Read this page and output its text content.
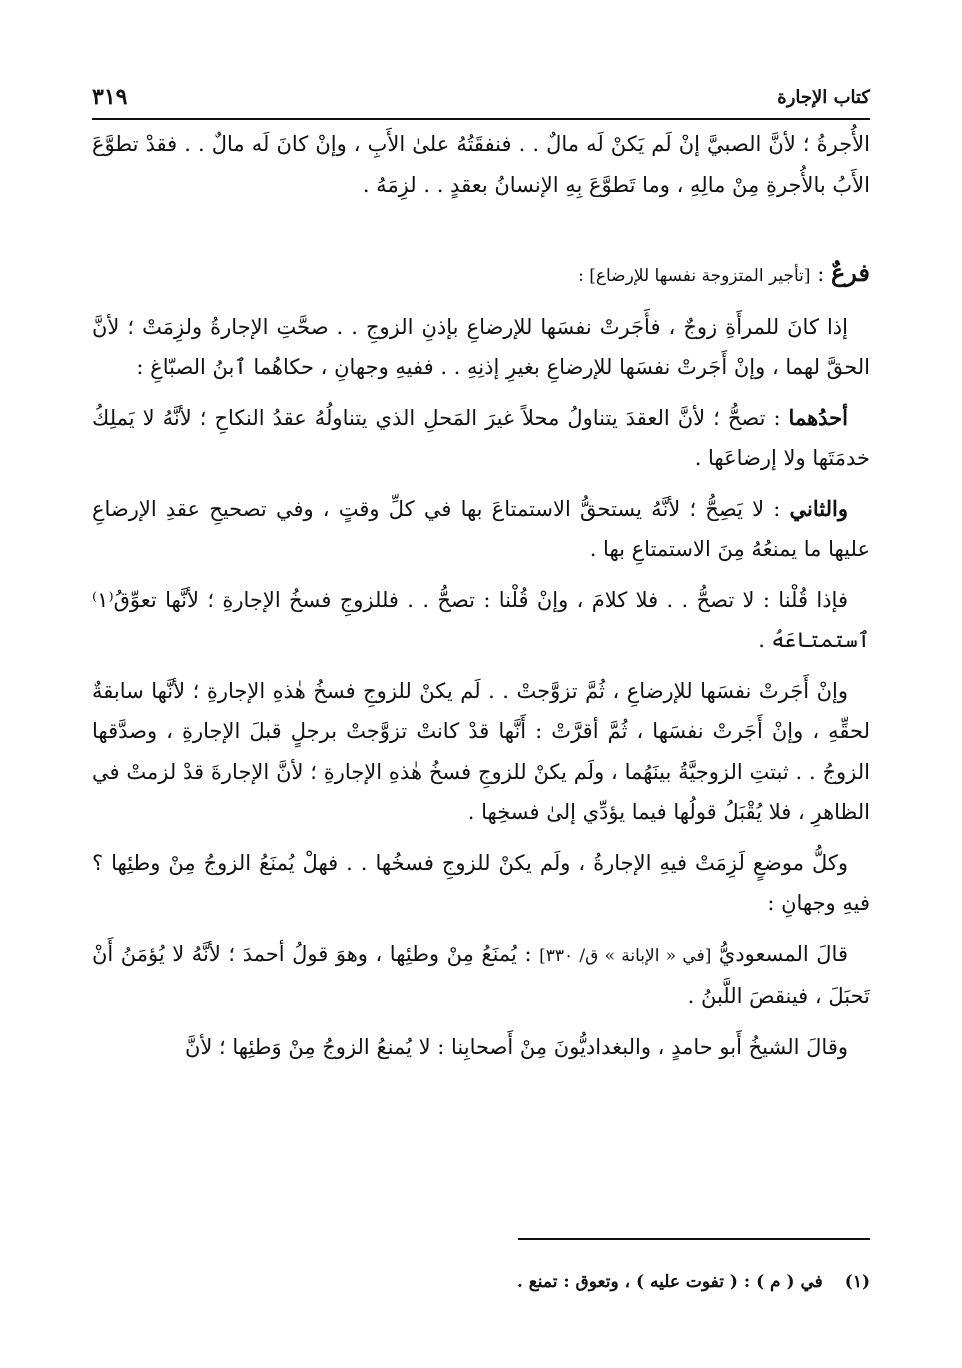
كتاب الإجارة
٣١٩

الأُجرةُ ؛ لأنَّ الصبيَّ إنْ لَم يَكنْ لَه مالٌ . . فنفقَتُهُ علىٰ الأَبِ ، وإنْ كانَ لَه مالٌ . . فقدْ تطوَّعَ الأَبُ بالأُجرةِ مِنْ مالِهِ ، وما تَطوَّعَ بِهِ الإنسانُ بعقدٍ . . لزِمَهُ .

فرعٌ : [تأجير المتزوجة نفسها للإرضاع] :

إذا كانَ للمرأَةِ زوجٌ ، فأَجَرتْ نفسَها للإرضاعِ بإذنِ الزوجِ . . صحَّتِ الإجارةُ ولزِمَتْ ؛ لأنَّ الحقَّ لهما ، وإنْ أَجَرتْ نفسَها للإرضاعِ بغيرِ إذنِهِ . . ففيهِ وجهانِ ، حكاهُما ٱبنُ الصبّاغِ :

أحدُهما : تصحُّ ؛ لأنَّ العقدَ يتناولُ محلاً غيرَ المَحلِ الذي يتناولُهُ عقدُ النكاحِ ؛ لأنَّهُ لا يَملِكُ خدمَتَها ولا إرضاعَها .

والثاني : لا يَصِحُّ ؛ لأنَّهُ يستحقُّ الاستمتاعَ بها في كلِّ وقتٍ ، وفي تصحيحِ عقدِ الإرضاعِ عليها ما يمنعُهُ مِنَ الاستمتاعِ بها .

فإذا قُلْنا : لا تصحُّ . . فلا كلامَ ، وإنْ قُلْنا : تصحُّ . . فللزوجِ فسخُ الإجارةِ ؛ لأنَّها تعوِّقُ⁽١⁾ ٱستمتاعَهُ .

وإنْ أَجَرتْ نفسَها للإرضاعِ ، ثُمَّ تزوَّجتْ . . لَم يكنْ للزوجِ فسخُ هٰذهِ الإجارةِ ؛ لأنَّها سابقةٌ لحقِّهِ ، وإنْ أَجَرتْ نفسَها ، ثُمَّ أقرَّتْ : أَنَّها قدْ كانتْ تزوَّجتْ برجلٍ قبلَ الإجارةِ ، وصدَّقها الزوجُ . . ثبتتِ الزوجيَّةُ بينَهُما ، ولَم يكنْ للزوجِ فسخُ هٰذهِ الإجارةِ ؛ لأنَّ الإجارةَ قدْ لزمتْ في الظاهرِ ، فلا يُقْبَلُ قولُها فيما يؤدِّي إلىٰ فسخِها .

وكلُّ موضعٍ لَزِمَتْ فيهِ الإجارةُ ، ولَم يكنْ للزوجِ فسخُها . . فهلْ يُمنَعُ الزوجُ مِنْ وطئِها ؟ فيهِ وجهانِ :

قالَ المسعوديُّ [في « الإبانة » ق/ ٣٣٠] : يُمنَعُ مِنْ وطئِها ، وهوَ قولُ أحمدَ ؛ لأنَّهُ لا يُؤمَنُ أَنْ تَحبَلَ ، فينقصَ اللَّبنُ .

وقالَ الشيخُ أَبو حامدٍ ، والبغداديُّونَ مِنْ أَصحابِنا : لا يُمنعُ الزوجُ مِنْ وَطئِها ؛ لأنَّ

(١)في ( م ) : ( تفوت عليه ) ، وتعوق : تمنع .
